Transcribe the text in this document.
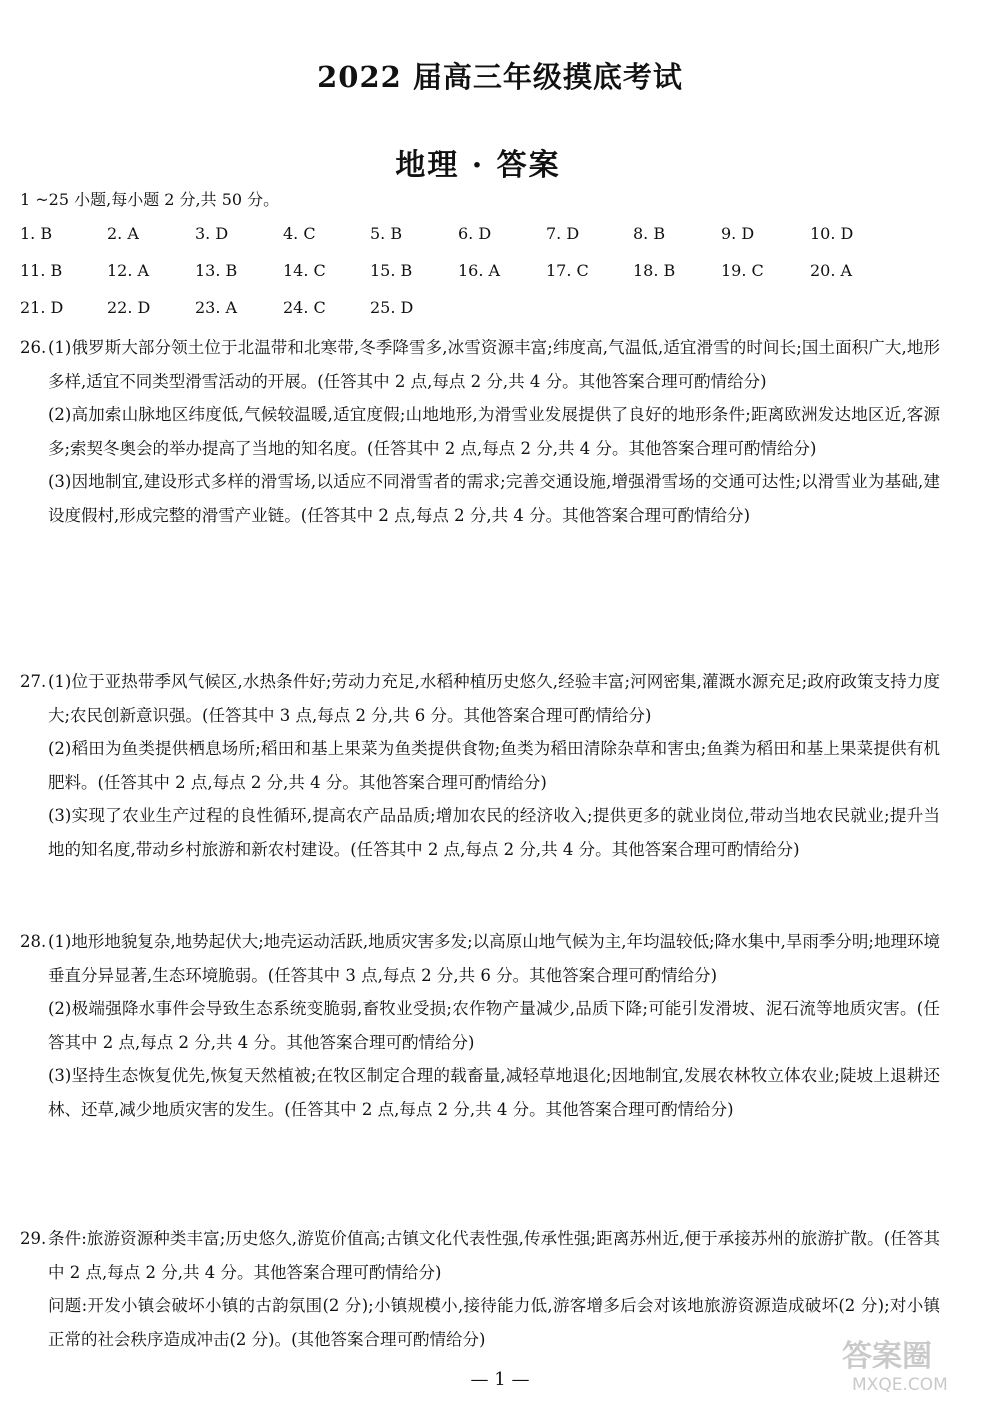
2022 届高三年级摸底考试
地理 · 答案
1 ~25 小题,每小题 2 分,共 50 分。
1. B	2. A	3. D	4. C	5. B	6. D	7. D	8. B	9. D	10. D
11. B	12. A	13. B	14. C	15. B	16. A	17. C	18. B	19. C	20. A
21. D	22. D	23. A	24. C	25. D
26. (1)俄罗斯大部分领土位于北温带和北寒带,冬季降雪多,冰雪资源丰富;纬度高,气温低,适宜滑雪的时间长;国土面积广大,地形多样,适宜不同类型滑雪活动的开展。(任答其中 2 点,每点 2 分,共 4 分。其他答案合理可酌情给分)

(2)高加索山脉地区纬度低,气候较温暖,适宜度假;山地地形,为滑雪业发展提供了良好的地形条件;距离欧洲发达地区近,客源多;索契冬奥会的举办提高了当地的知名度。(任答其中 2 点,每点 2 分,共 4 分。其他答案合理可酌情给分)

(3)因地制宜,建设形式多样的滑雪场,以适应不同滑雪者的需求;完善交通设施,增强滑雪场的交通可达性;以滑雪业为基础,建设度假村,形成完整的滑雪产业链。(任答其中 2 点,每点 2 分,共 4 分。其他答案合理可酌情给分)

27. (1)位于亚热带季风气候区,水热条件好;劳动力充足,水稻种植历史悠久,经验丰富;河网密集,灌溉水源充足;政府政策支持力度大;农民创新意识强。(任答其中 3 点,每点 2 分,共 6 分。其他答案合理可酌情给分)

(2)稻田为鱼类提供栖息场所;稻田和基上果菜为鱼类提供食物;鱼类为稻田清除杂草和害虫;鱼粪为稻田和基上果菜提供有机肥料。(任答其中 2 点,每点 2 分,共 4 分。其他答案合理可酌情给分)

(3)实现了农业生产过程的良性循环,提高农产品品质;增加农民的经济收入;提供更多的就业岗位,带动当地农民就业;提升当地的知名度,带动乡村旅游和新农村建设。(任答其中 2 点,每点 2 分,共 4 分。其他答案合理可酌情给分)

28. (1)地形地貌复杂,地势起伏大;地壳运动活跃,地质灾害多发;以高原山地气候为主,年均温较低;降水集中,旱雨季分明;地理环境垂直分异显著,生态环境脆弱。(任答其中 3 点,每点 2 分,共 6 分。其他答案合理可酌情给分)

(2)极端强降水事件会导致生态系统变脆弱,畜牧业受损;农作物产量减少,品质下降;可能引发滑坡、泥石流等地质灾害。(任答其中 2 点,每点 2 分,共 4 分。其他答案合理可酌情给分)

(3)坚持生态恢复优先,恢复天然植被;在牧区制定合理的载畜量,减轻草地退化;因地制宜,发展农林牧立体农业;陡坡上退耕还林、还草,减少地质灾害的发生。(任答其中 2 点,每点 2 分,共 4 分。其他答案合理可酌情给分)

29. 条件:旅游资源种类丰富;历史悠久,游览价值高;古镇文化代表性强,传承性强;距离苏州近,便于承接苏州的旅游扩散。(任答其中 2 点,每点 2 分,共 4 分。其他答案合理可酌情给分)

问题:开发小镇会破坏小镇的古韵氛围(2 分);小镇规模小,接待能力低,游客增多后会对该地旅游资源造成破坏(2 分);对小镇正常的社会秩序造成冲击(2 分)。(其他答案合理可酌情给分)

— 1 —
答案圈
MXQE.COM
